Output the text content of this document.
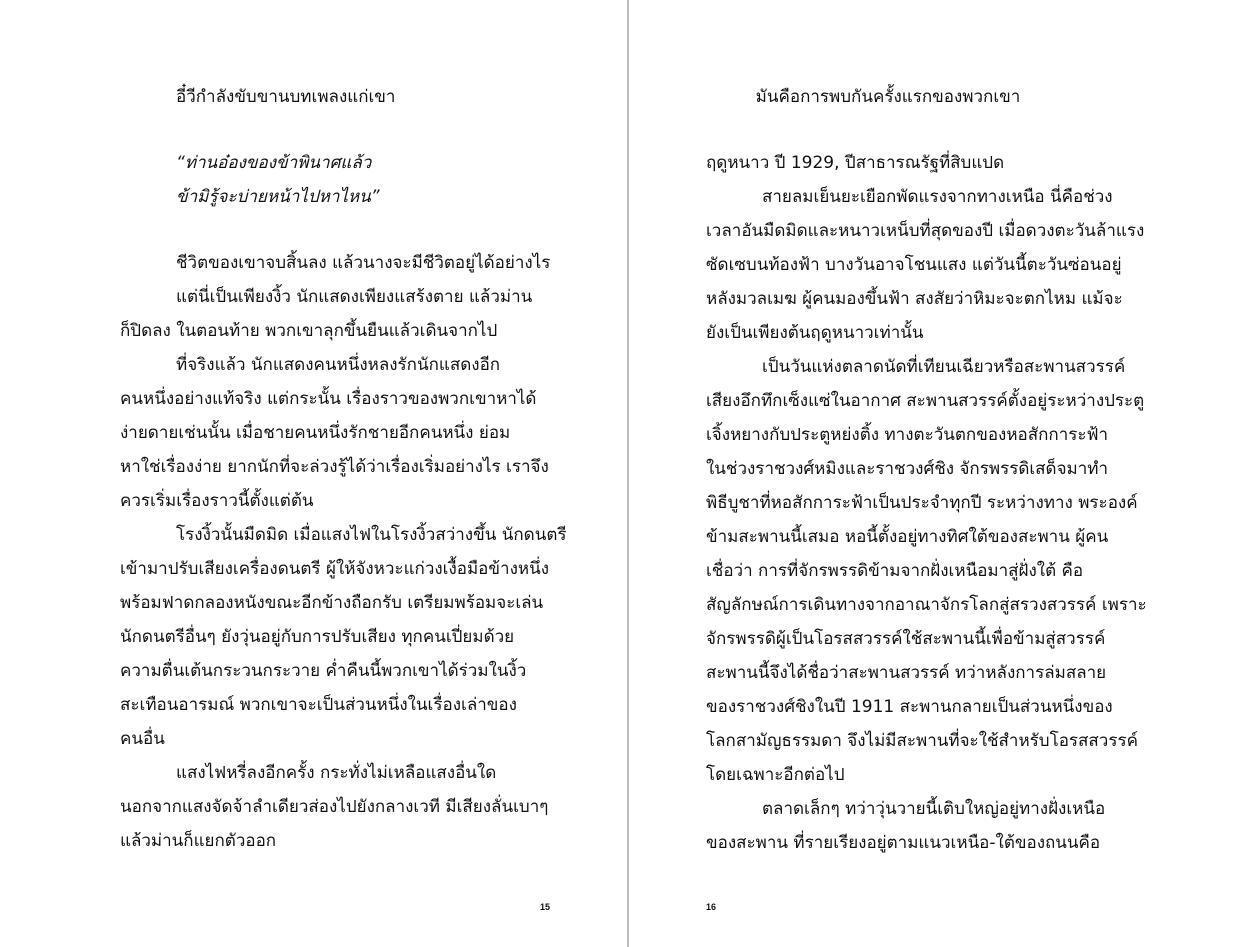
อี๋วีกำลังขับขานบทเพลงแก่เขา
“ท่านอ๋องของข้าพินาศแล้ว
ข้ามิรู้จะบ่ายหน้าไปหาไหน”
ชีวิตของเขาจบสิ้นลง แล้วนางจะมีชีวิตอยู่ได้อย่างไร
แต่นี่เป็นเพียงงิ้ว นักแสดงเพียงแสร้งตาย แล้วม่าน
ก็ปิดลง ในตอนท้าย พวกเขาลุกขึ้นยืนแล้วเดินจากไป
ที่จริงแล้ว นักแสดงคนหนึ่งหลงรักนักแสดงอีก
คนหนึ่งอย่างแท้จริง แต่กระนั้น เรื่องราวของพวกเขาหาได้
ง่ายดายเช่นนั้น เมื่อชายคนหนึ่งรักชายอีกคนหนึ่ง ย่อม
หาใช่เรื่องง่าย ยากนักที่จะล่วงรู้ได้ว่าเรื่องเริ่มอย่างไร เราจึง
ควรเริ่มเรื่องราวนี้ตั้งแต่ต้น
โรงงิ้วนั้นมืดมิด เมื่อแสงไฟในโรงงิ้วสว่างขึ้น นักดนตรี
เข้ามาปรับเสียงเครื่องดนตรี ผู้ให้จังหวะแก่วงเงื้อมือข้างหนึ่ง
พร้อมฟาดกลองหนังขณะอีกข้างถือกรับ เตรียมพร้อมจะเล่น
นักดนตรีอื่นๆ ยังวุ่นอยู่กับการปรับเสียง ทุกคนเปี่ยมด้วย
ความตื่นเต้นกระวนกระวาย ค่ำคืนนี้พวกเขาได้ร่วมในงิ้ว
สะเทือนอารมณ์ พวกเขาจะเป็นส่วนหนึ่งในเรื่องเล่าของ
คนอื่น
แสงไฟหรี่ลงอีกครั้ง กระทั่งไม่เหลือแสงอื่นใด
นอกจากแสงจัดจ้าลำเดียวส่องไปยังกลางเวที มีเสียงลั่นเบาๆ
แล้วม่านก็แยกตัวออก
15
มันคือการพบกันครั้งแรกของพวกเขา
ฤดูหนาว ปี 1929, ปีสาธารณรัฐที่สิบแปด
สายลมเย็นยะเยือกพัดแรงจากทางเหนือ นี่คือช่วง
เวลาอันมืดมิดและหนาวเหน็บที่สุดของปี เมื่อดวงตะวันล้าแรง
ซัดเซบนท้องฟ้า บางวันอาจโชนแสง แต่วันนี้ตะวันซ่อนอยู่
หลังมวลเมฆ ผู้คนมองขึ้นฟ้า สงสัยว่าหิมะจะตกไหม แม้จะ
ยังเป็นเพียงต้นฤดูหนาวเท่านั้น
เป็นวันแห่งตลาดนัดที่เทียนเฉียวหรือสะพานสวรรค์
เสียงอึกทึกเซ็งแซ่ในอากาศ สะพานสวรรค์ตั้งอยู่ระหว่างประตู
เจิ้งหยางกับประตูหย่งติ้ง ทางตะวันตกของหอสักการะฟ้า
ในช่วงราชวงศ์หมิงและราชวงศ์ชิง จักรพรรดิเสด็จมาทำ
พิธีบูชาที่หอสักการะฟ้าเป็นประจำทุกปี ระหว่างทาง พระองค์
ข้ามสะพานนี้เสมอ หอนี้ตั้งอยู่ทางทิศใต้ของสะพาน ผู้คน
เชื่อว่า การที่จักรพรรดิข้ามจากฝั่งเหนือมาสู่ฝั่งใต้ คือ
สัญลักษณ์การเดินทางจากอาณาจักรโลกสู่สรวงสวรรค์ เพราะ
จักรพรรดิผู้เป็นโอรสสวรรค์ใช้สะพานนี้เพื่อข้ามสู่สวรรค์
สะพานนี้จึงได้ชื่อว่าสะพานสวรรค์ ทว่าหลังการล่มสลาย
ของราชวงศ์ชิงในปี 1911 สะพานกลายเป็นส่วนหนึ่งของ
โลกสามัญธรรมดา จึงไม่มีสะพานที่จะใช้สำหรับโอรสสวรรค์
โดยเฉพาะอีกต่อไป
ตลาดเล็กๆ ทว่าวุ่นวายนี้เติบใหญ่อยู่ทางฝั่งเหนือ
ของสะพาน ที่รายเรียงอยู่ตามแนวเหนือ-ใต้ของถนนคือ
16
